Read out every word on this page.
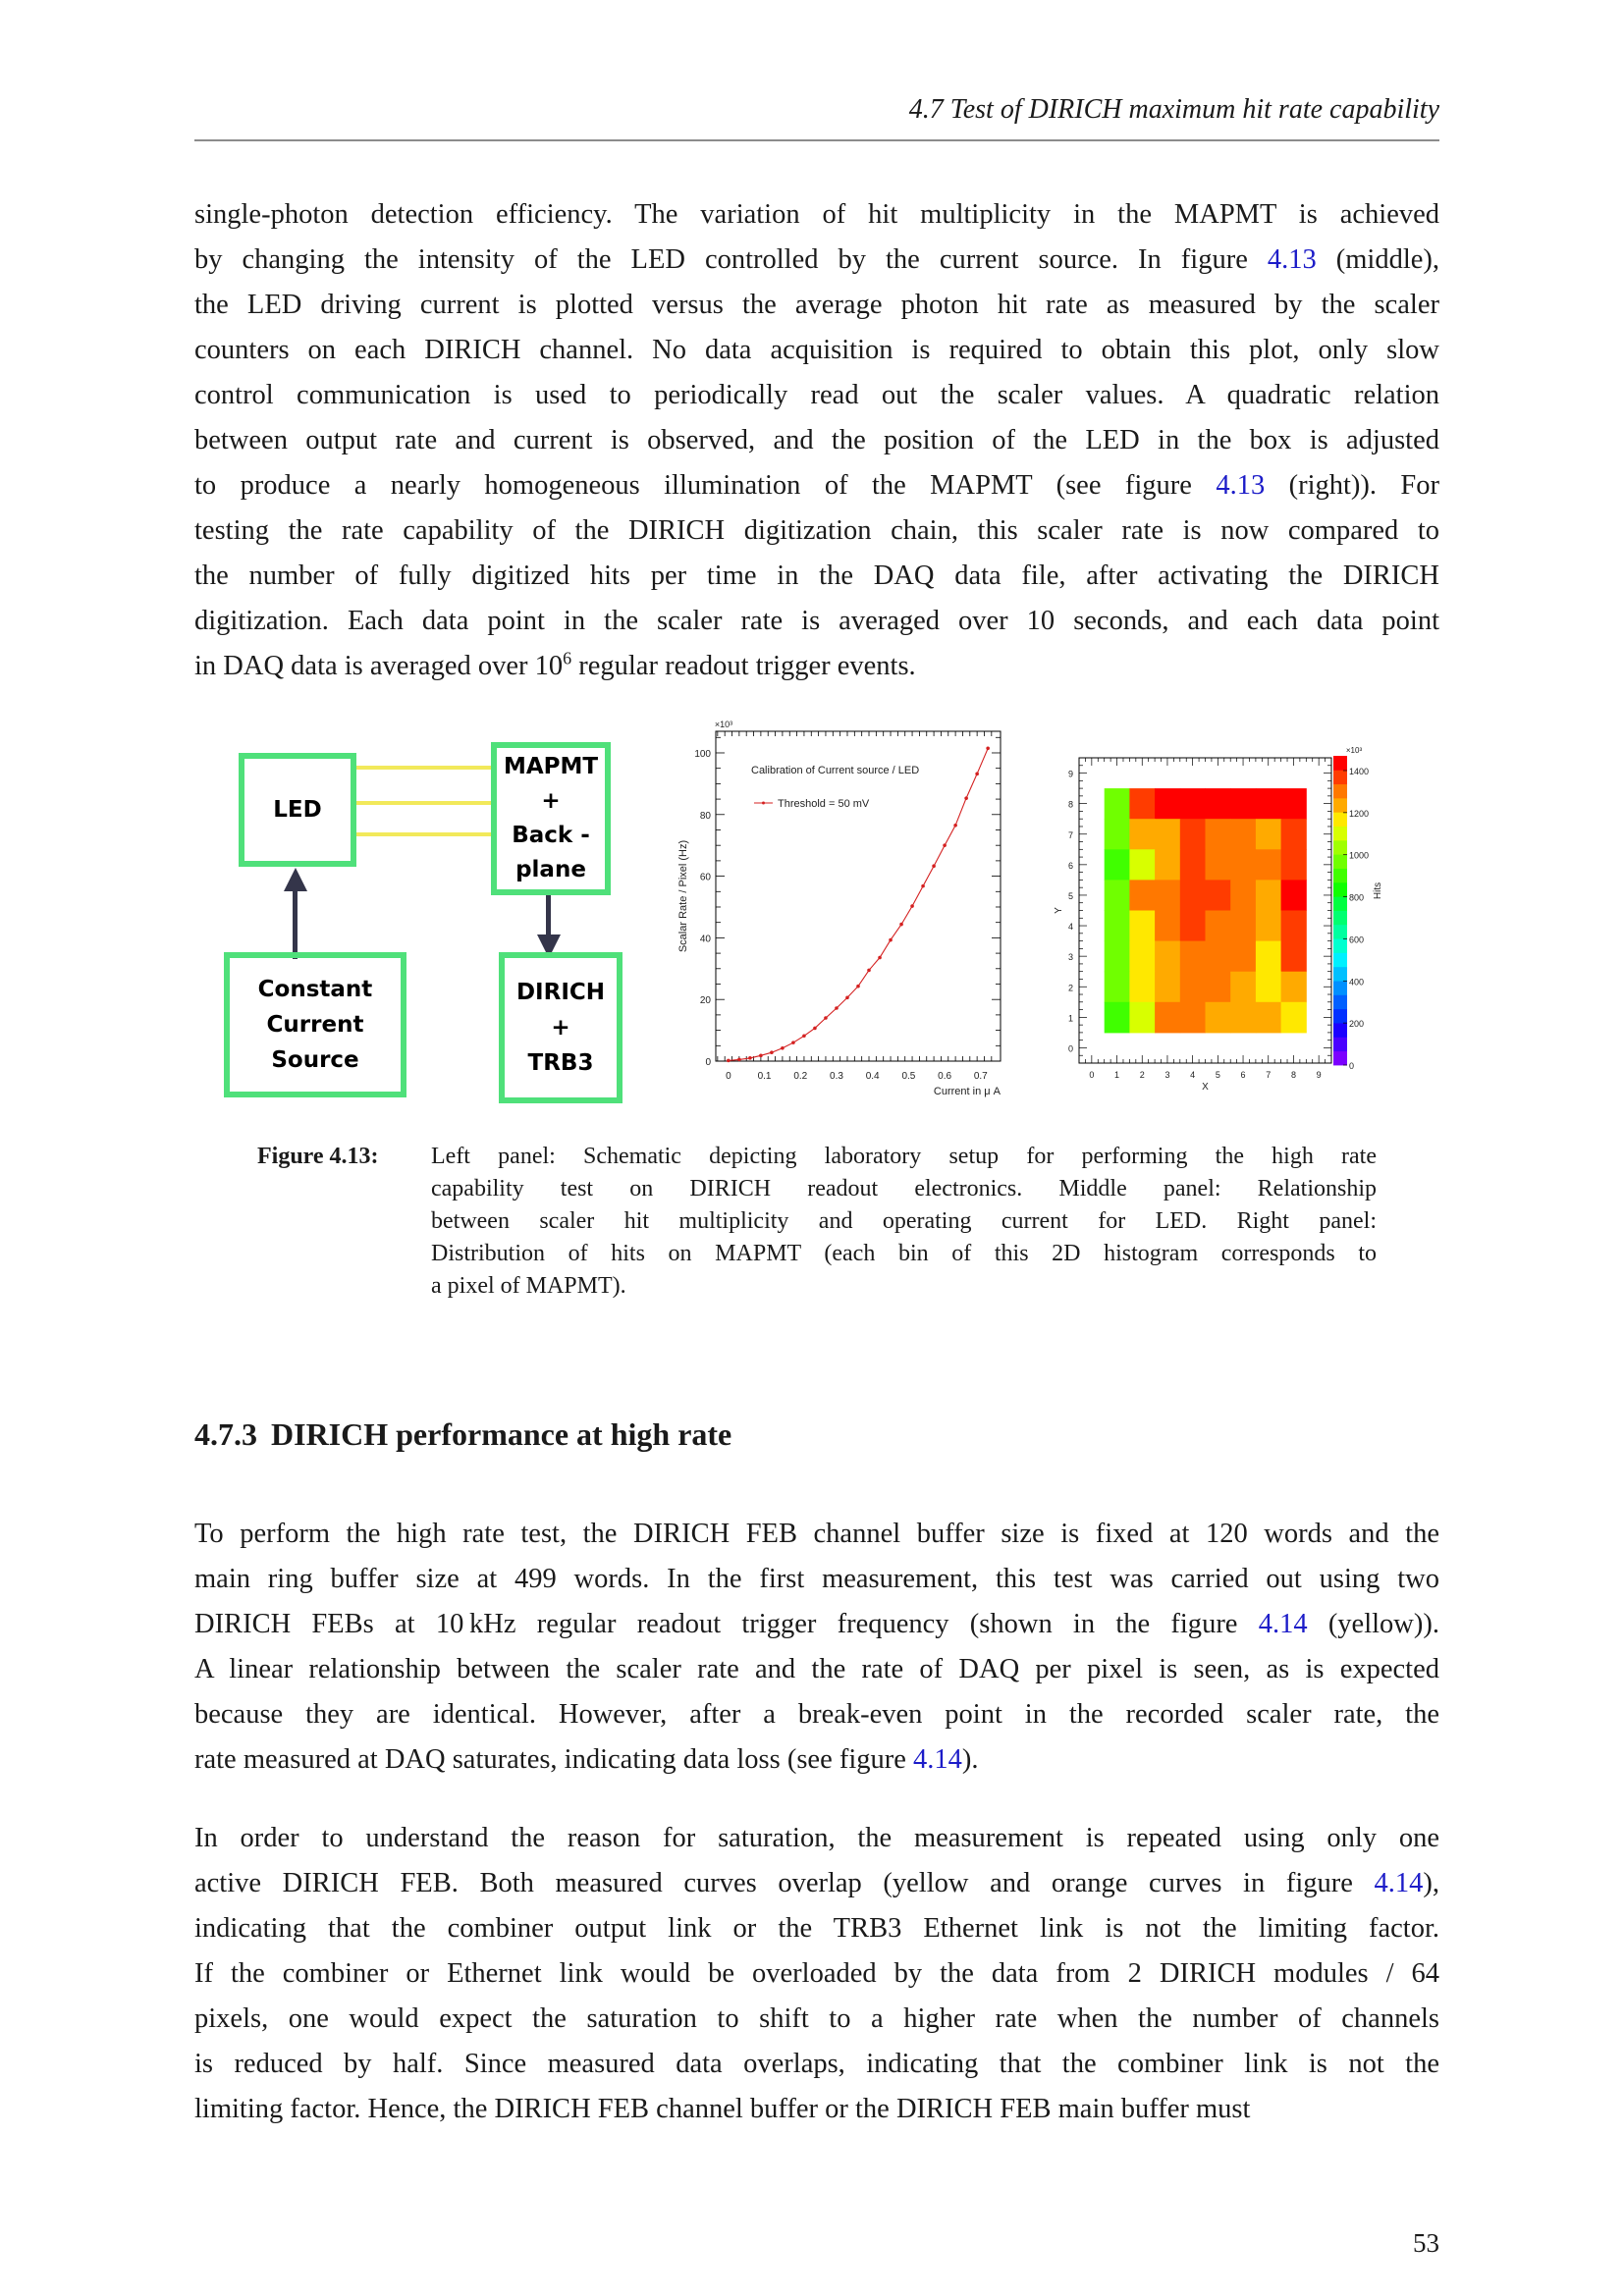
4.7 Test of DIRICH maximum hit rate capability
single-photon detection efficiency. The variation of hit multiplicity in the MAPMT is achieved
by changing the intensity of the LED controlled by the current source. In figure 4.13 (middle),
the LED driving current is plotted versus the average photon hit rate as measured by the scaler
counters on each DIRICH channel. No data acquisition is required to obtain this plot, only slow
control communication is used to periodically read out the scaler values. A quadratic relation
between output rate and current is observed, and the position of the LED in the box is adjusted
to produce a nearly homogeneous illumination of the MAPMT (see figure 4.13 (right)). For
testing the rate capability of the DIRICH digitization chain, this scaler rate is now compared to
the number of fully digitized hits per time in the DAQ data file, after activating the DIRICH
digitization. Each data point in the scaler rate is averaged over 10 seconds, and each data point
in DAQ data is averaged over $10^6$ regular readout trigger events.
LED
MAPMT
+
Back -
plane
Constant
Current
Source
DIRICH
+
TRB3
0	0.1 0.2 0.3 0.4 0.5 0.6 0.7
0
20
40
60
80
100
×10³
Current in μ A
Scalar Rate / Pixel (Hz)
Calibration of Current source / LED
Threshold = 50 mV
0 1 2 3 4 5 6 7 8 9
0
1
2
3
4
5
6
7
8
9
X
Y
0
200
400
600
800
1000
1200
1400
×10³
Hits
Figure 4.13: Left panel: Schematic depicting laboratory setup for performing the high rate
capability test on DIRICH readout electronics. Middle panel: Relationship
between scaler hit multiplicity and operating current for LED. Right panel:
Distribution of hits on MAPMT (each bin of this 2D histogram corresponds to
a pixel of MAPMT).
4.7.3 DIRICH performance at high rate
To perform the high rate test, the DIRICH FEB channel buffer size is fixed at 120 words and the
main ring buffer size at 499 words. In the first measurement, this test was carried out using two
DIRICH FEBs at 10 kHz regular readout trigger frequency (shown in the figure 4.14 (yellow)).
A linear relationship between the scaler rate and the rate of DAQ per pixel is seen, as is expected
because they are identical. However, after a break-even point in the recorded scaler rate, the
rate measured at DAQ saturates, indicating data loss (see figure 4.14).
In order to understand the reason for saturation, the measurement is repeated using only one
active DIRICH FEB. Both measured curves overlap (yellow and orange curves in figure 4.14),
indicating that the combiner output link or the TRB3 Ethernet link is not the limiting factor.
If the combiner or Ethernet link would be overloaded by the data from 2 DIRICH modules / 64
pixels, one would expect the saturation to shift to a higher rate when the number of channels
is reduced by half. Since measured data overlaps, indicating that the combiner link is not the
limiting factor. Hence, the DIRICH FEB channel buffer or the DIRICH FEB main buffer must
53
